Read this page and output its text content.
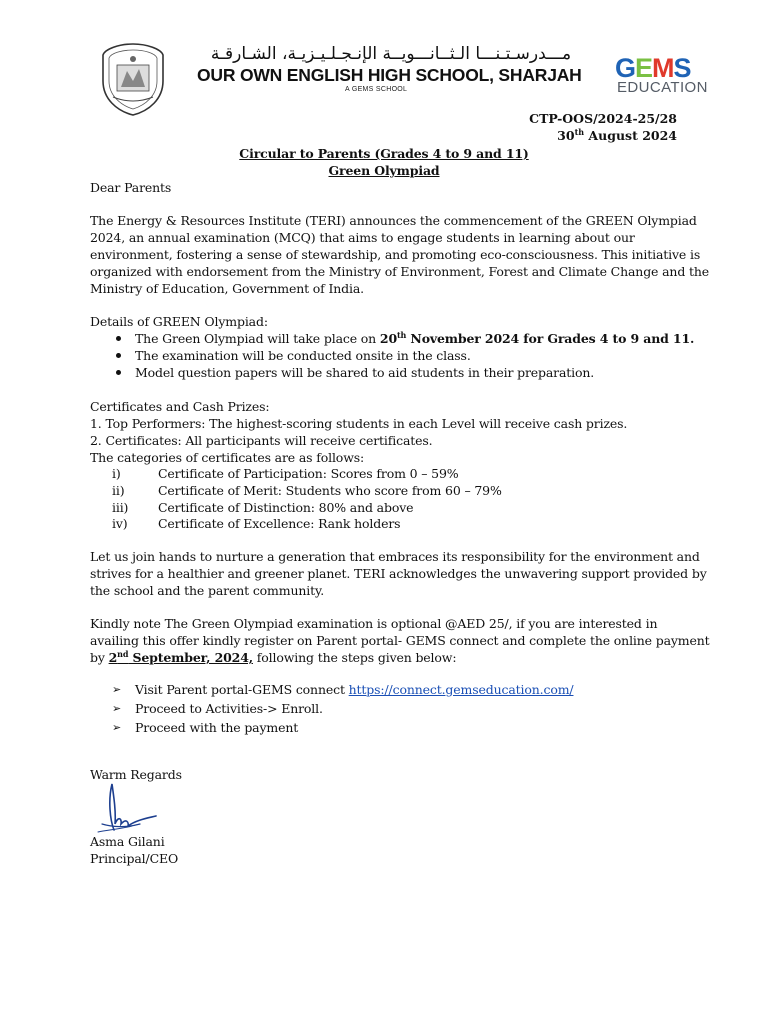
مـــدرسـتـنـــا الـثــانـــويــة الإنـجـلـيـزيـة، الشـارقـة
OUR OWN ENGLISH HIGH SCHOOL, SHARJAH
A GEMS SCHOOL
GEMS
EDUCATION
CTP-OOS/2024-25/28
30th August 2024
Circular to Parents (Grades 4 to 9 and 11)
Green Olympiad
Dear Parents
The Energy & Resources Institute (TERI) announces the commencement of the GREEN Olympiad
2024, an annual examination (MCQ) that aims to engage students in learning about our
environment, fostering a sense of stewardship, and promoting eco-consciousness. This initiative is
organized with endorsement from the Ministry of Environment, Forest and Climate Change and the
Ministry of Education, Government of India.
Details of GREEN Olympiad:
The Green Olympiad will take place on 20th November 2024 for Grades 4 to 9 and 11.
The examination will be conducted onsite in the class.
Model question papers will be shared to aid students in their preparation.
Certificates and Cash Prizes:
1. Top Performers: The highest-scoring students in each Level will receive cash prizes.
2. Certificates: All participants will receive certificates.
The categories of certificates are as follows:
i)	Certificate of Participation: Scores from 0 – 59%
ii)	Certificate of Merit: Students who score from 60 – 79%
iii) Certificate of Distinction: 80% and above
iv) Certificate of Excellence: Rank holders
Let us join hands to nurture a generation that embraces its responsibility for the environment and
strives for a healthier and greener planet. TERI acknowledges the unwavering support provided by
the school and the parent community.
Kindly note The Green Olympiad examination is optional @AED 25/, if you are interested in
availing this offer kindly register on Parent portal- GEMS connect and complete the online payment
by 2nd September, 2024, following the steps given below:
➢ Visit Parent portal-GEMS connect https://connect.gemseducation.com/
➢ Proceed to Activities-> Enroll.
➢ Proceed with the payment
Warm Regards
Asma Gilani
Principal/CEO
